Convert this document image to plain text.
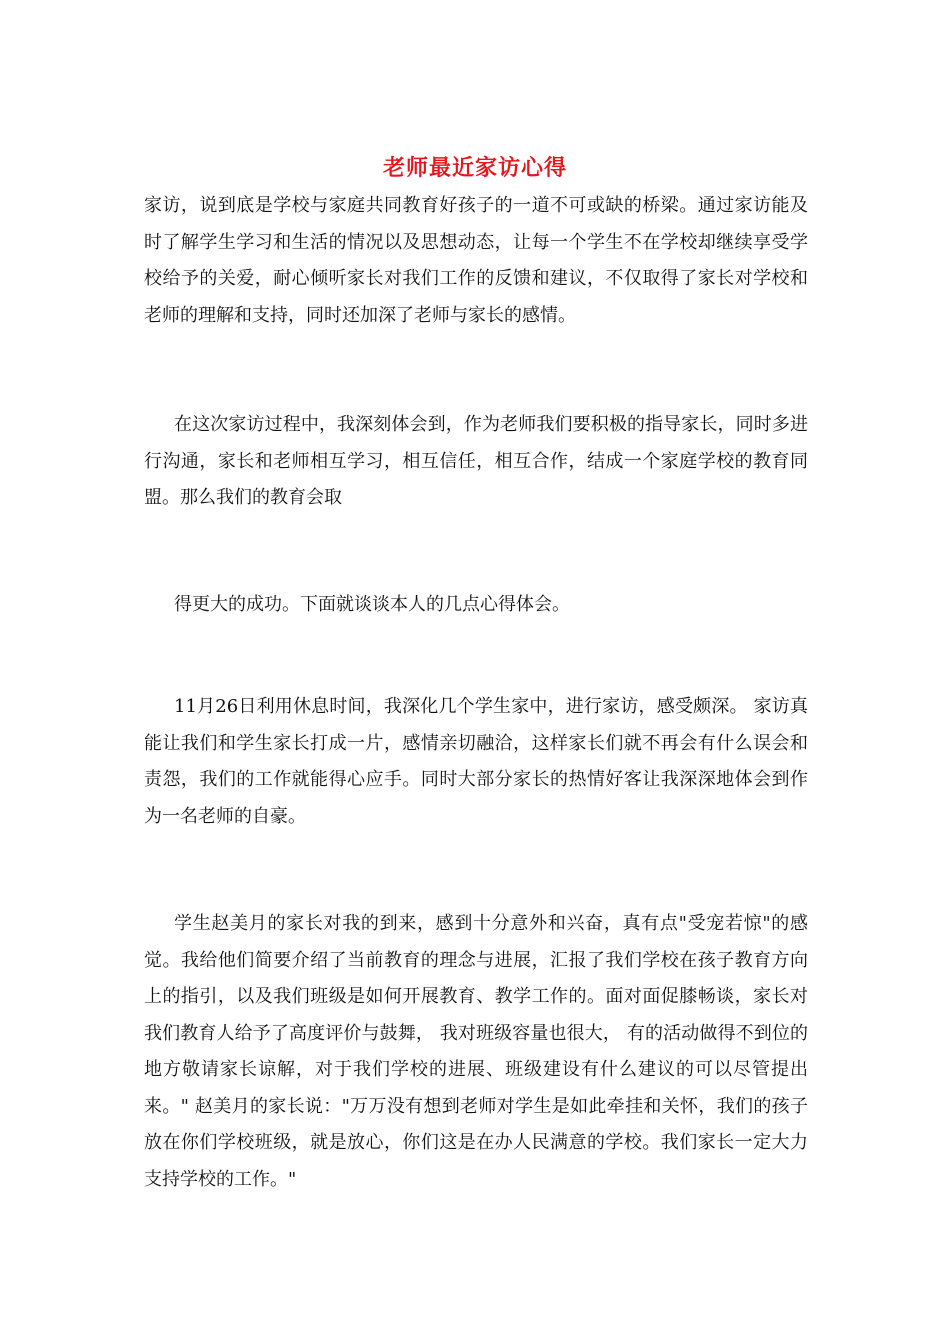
老师最近家访心得

家访，说到底是学校与家庭共同教育好孩子的一道不可或缺的桥梁。通过家访能及时了解学生学习和生活的情况以及思想动态，让每一个学生不在学校却继续享受学校给予的关爱，耐心倾听家长对我们工作的反馈和建议，不仅取得了家长对学校和老师的理解和支持，同时还加深了老师与家长的感情。

在这次家访过程中，我深刻体会到，作为老师我们要积极的指导家长，同时多进行沟通，家长和老师相互学习，相互信任，相互合作，结成一个家庭学校的教育同盟。那么我们的教育会取

得更大的成功。下面就谈谈本人的几点心得体会。

11月26日利用休息时间，我深化几个学生家中，进行家访，感受颇深。 家访真能让我们和学生家长打成一片，感情亲切融洽，这样家长们就不再会有什么误会和责怨，我们的工作就能得心应手。同时大部分家长的热情好客让我深深地体会到作为一名老师的自豪。

学生赵美月的家长对我的到来，感到十分意外和兴奋，真有点"受宠若惊"的感觉。我给他们简要介绍了当前教育的理念与进展，汇报了我们学校在孩子教育方向上的指引，以及我们班级是如何开展教育、教学工作的。面对面促膝畅谈，家长对我们教育人给予了高度评价与鼓舞， 我对班级容量也很大， 有的活动做得不到位的地方敬请家长谅解，对于我们学校的进展、班级建设有什么建议的可以尽管提出来。" 赵美月的家长说："万万没有想到老师对学生是如此牵挂和关怀，我们的孩子放在你们学校班级，就是放心，你们这是在办人民满意的学校。我们家长一定大力支持学校的工作。"
